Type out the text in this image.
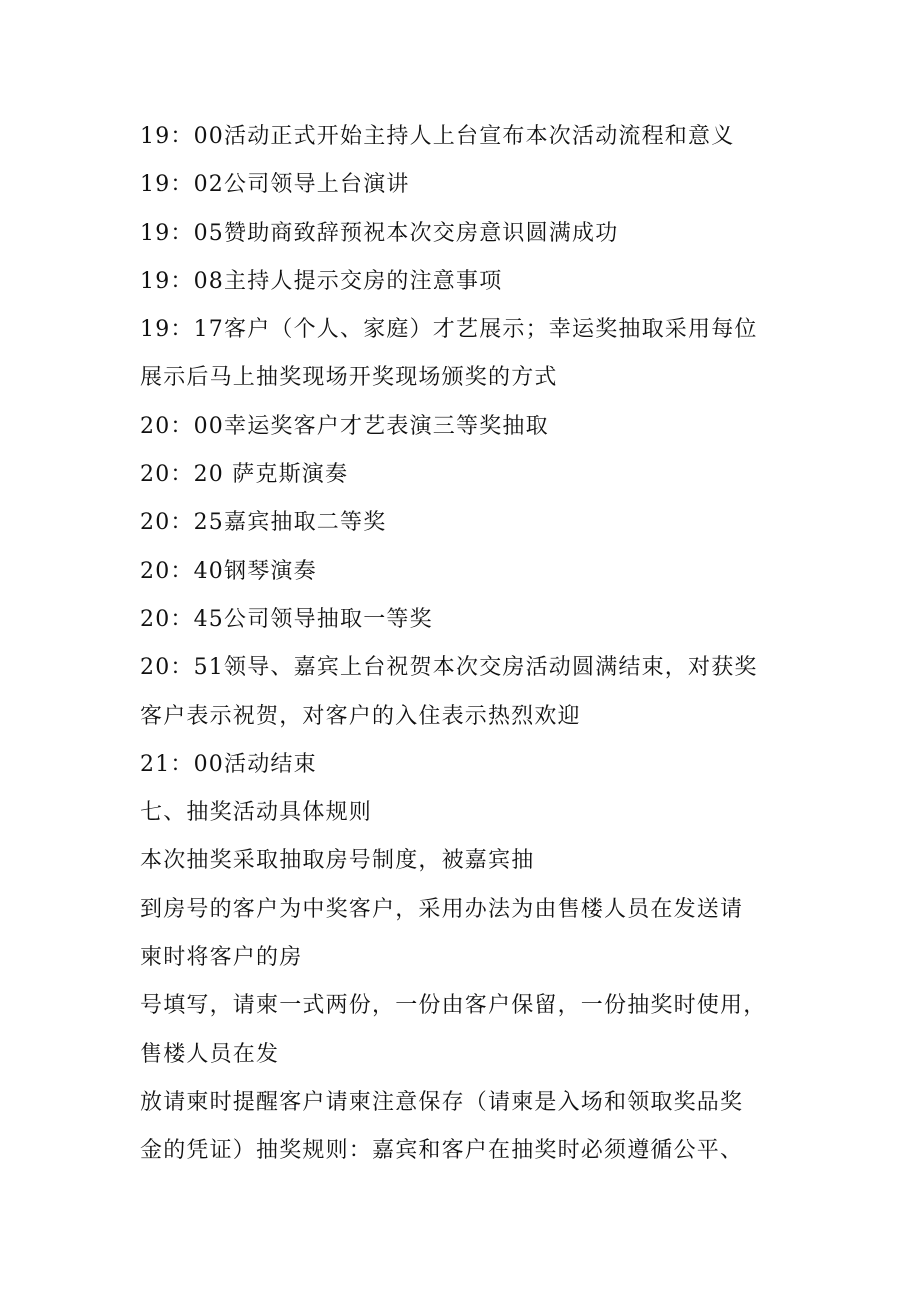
19：00活动正式开始主持人上台宣布本次活动流程和意义
19：02公司领导上台演讲
19：05赞助商致辞预祝本次交房意识圆满成功
19：08主持人提示交房的注意事项
19：17客户（个人、家庭）才艺展示；幸运奖抽取采用每位
展示后马上抽奖现场开奖现场颁奖的方式
20：00幸运奖客户才艺表演三等奖抽取
20：20 萨克斯演奏
20：25嘉宾抽取二等奖
20：40钢琴演奏
20：45公司领导抽取一等奖
20：51领导、嘉宾上台祝贺本次交房活动圆满结束，对获奖
客户表示祝贺，对客户的入住表示热烈欢迎
21：00活动结束
七、抽奖活动具体规则
本次抽奖采取抽取房号制度，被嘉宾抽
到房号的客户为中奖客户，采用办法为由售楼人员在发送请
柬时将客户的房
号填写，请柬一式两份，一份由客户保留，一份抽奖时使用，
售楼人员在发
放请柬时提醒客户请柬注意保存（请柬是入场和领取奖品奖
金的凭证）抽奖规则：嘉宾和客户在抽奖时必须遵循公平、
